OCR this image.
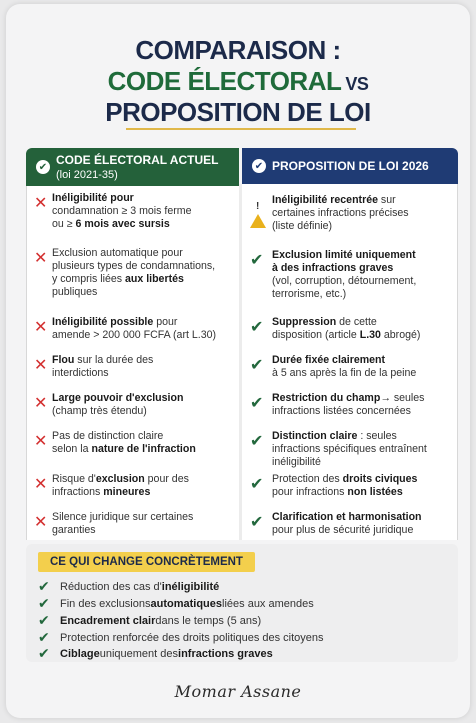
COMPARAISON :
CODE ÉLECTORAL VS
PROPOSITION DE LOI
✔ CODE ÉLECTORAL ACTUEL
(loi 2021-35)
✔ PROPOSITION DE LOI 2026
✕ Inéligibilité pour
condamnation ≥ 3 mois ferme
ou ≥ 6 mois avec sursis
✕ Exclusion automatique pour
plusieurs types de condamnations,
y compris liées aux libertés
publiques
✕ Inéligibilité possible pour
amende > 200 000 FCFA (art L.30)
✕ Flou sur la durée des
interdictions
✕ Large pouvoir d'exclusion
(champ très étendu)
✕ Pas de distinction claire
selon la nature de l'infraction
✕ Risque d'exclusion pour des
infractions mineures
✕ Silence juridique sur certaines
garanties
!
Inéligibilité recentrée sur
certaines infractions précises
(liste définie)
✔ Exclusion limité uniquement
à des infractions graves
(vol, corruption, détournement,
terrorisme, etc.)
✔ Suppression de cette
disposition (article L.30 abrogé)
✔ Durée fixée clairement
à 5 ans après la fin de la peine
✔ Restriction du champ→ seules
infractions listées concernées
✔ Distinction claire : seules
infractions spécifiques entraînent
inéligibilité
✔ Protection des droits civiques
pour infractions non listées
✔ Clarification et harmonisation
pour plus de sécurité juridique
CE QUI CHANGE CONCRÈTEMENT
✔ Réduction des cas d' inéligibilité
✔ Fin des exclusions automatiques liées aux amendes
✔ Encadrement clair dans le temps (5 ans)
✔ Protection renforcée des droits politiques des citoyens
✔ Ciblage uniquement des infractions graves
Momar Assane
